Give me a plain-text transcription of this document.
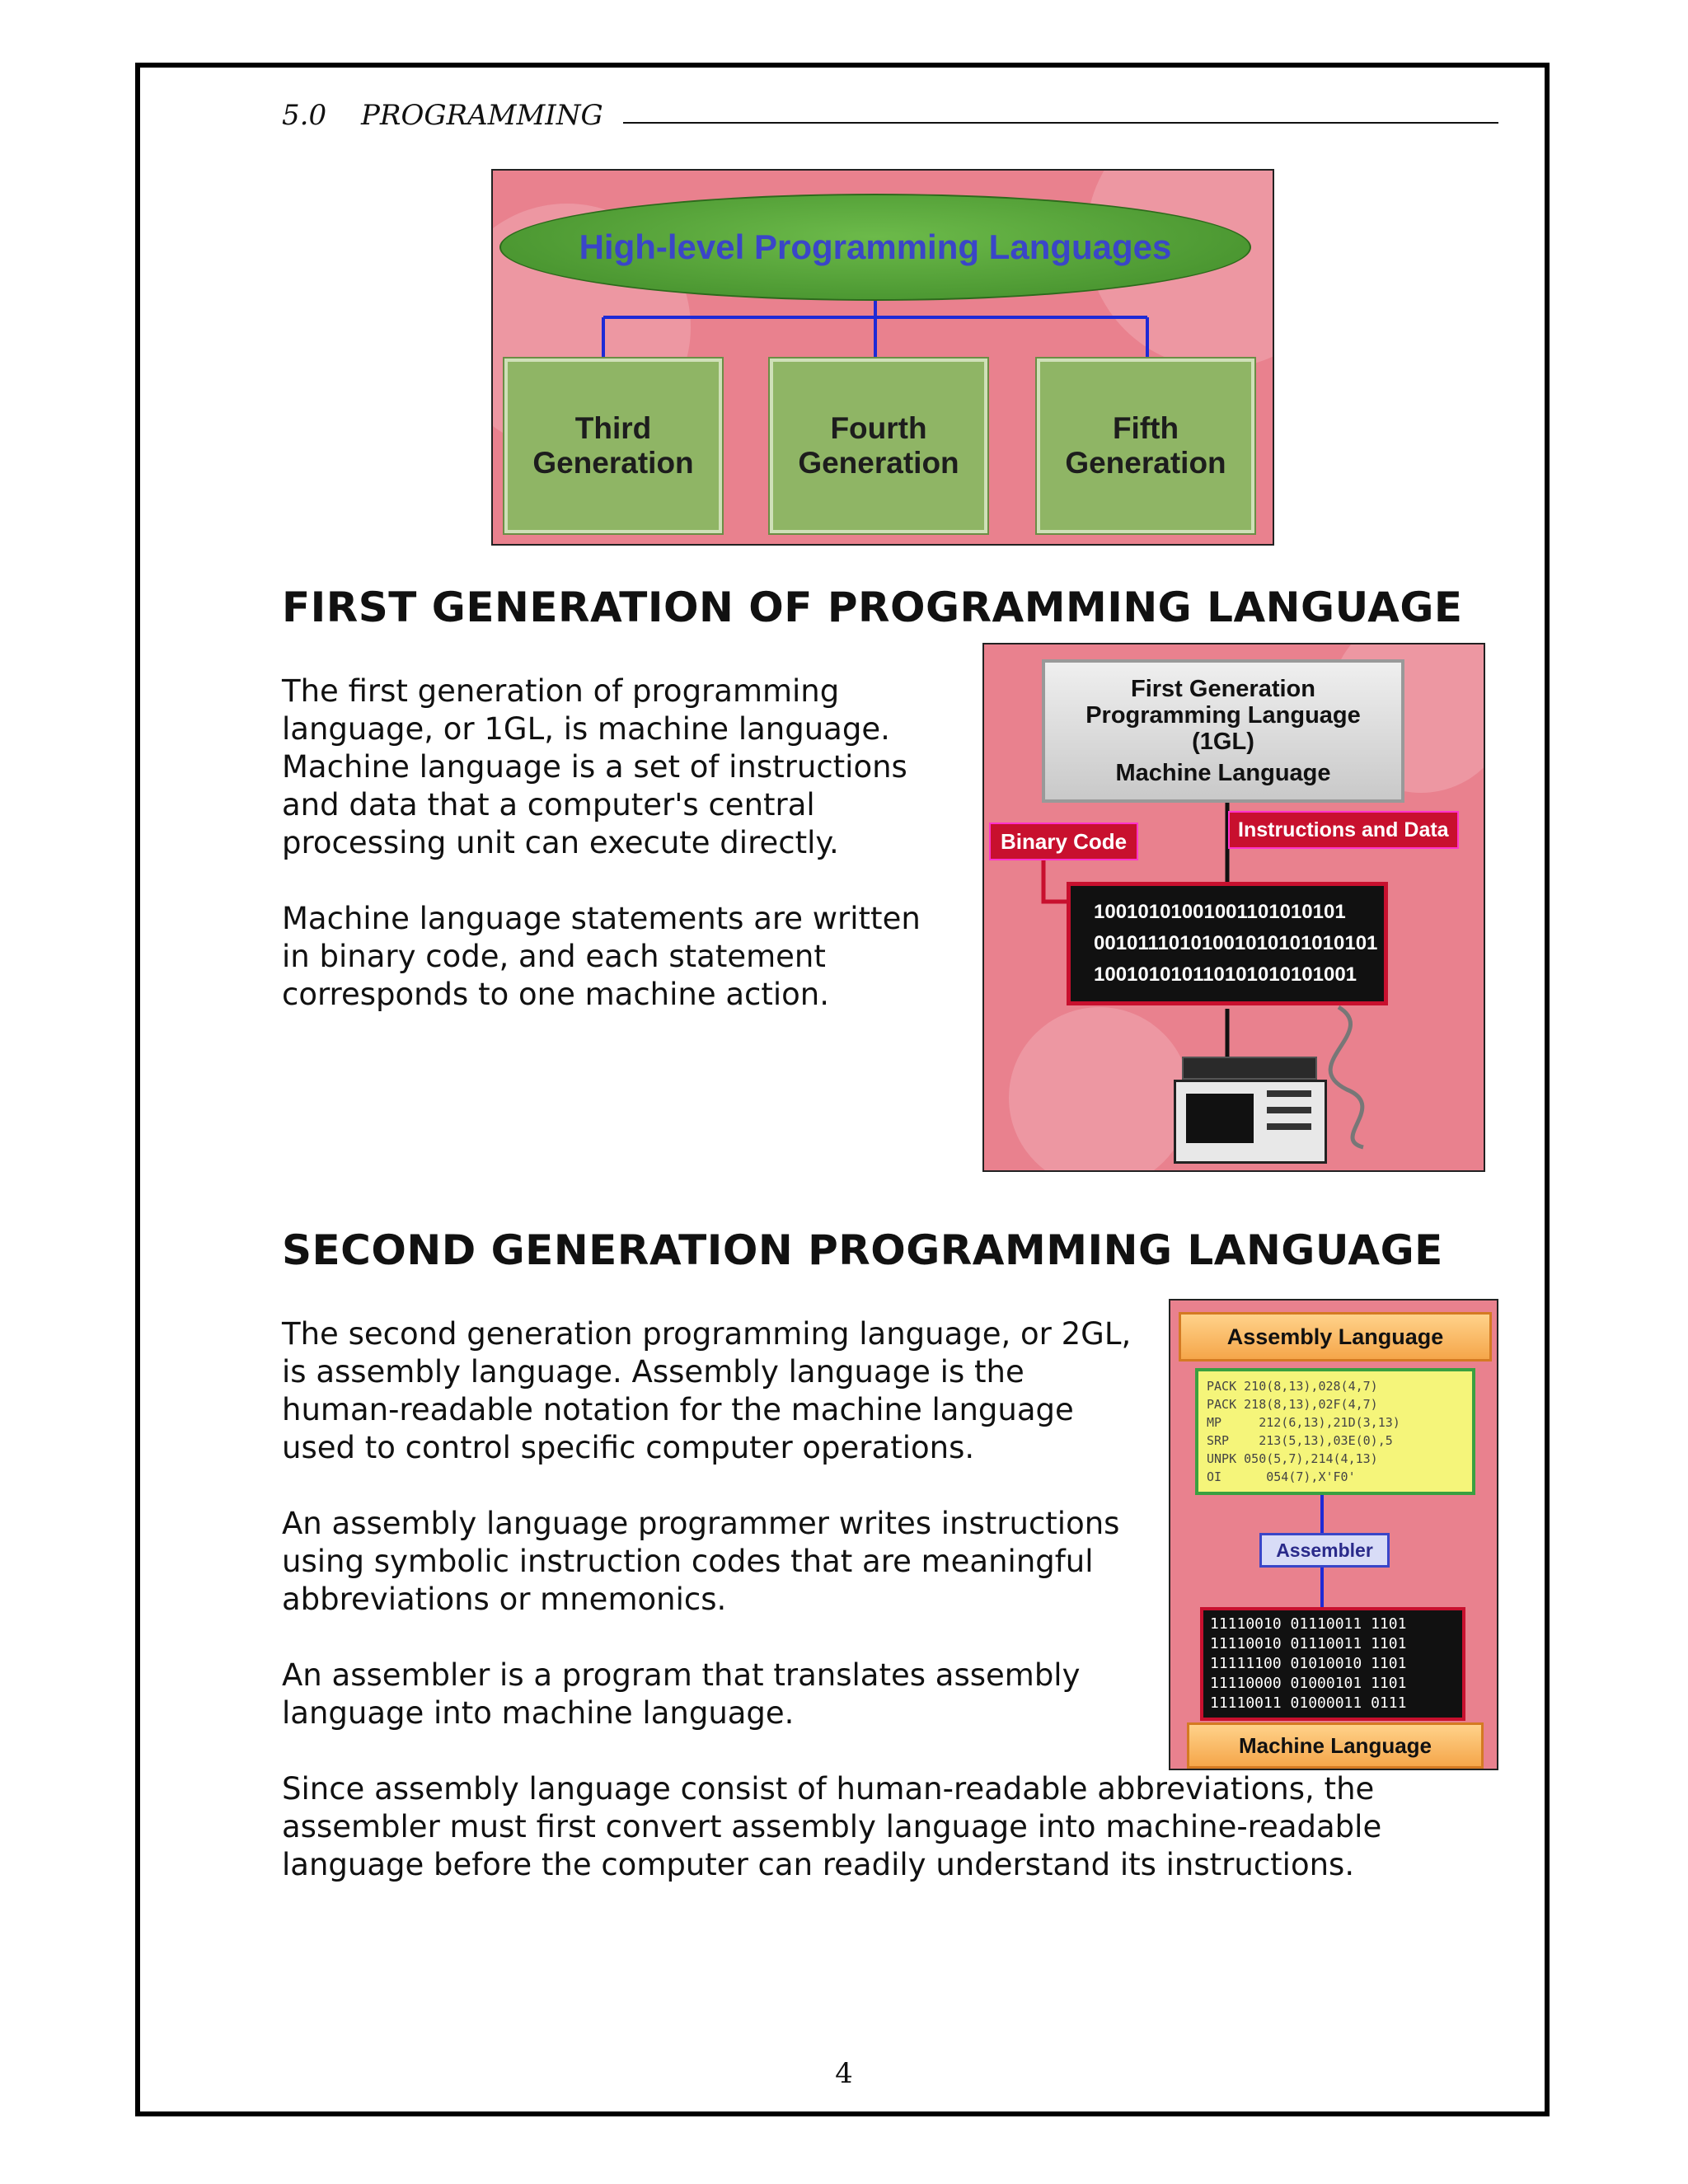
5.0	PROGRAMMING
High-level Programming Languages
Third Generation
Fourth Generation
Fifth Generation
FIRST GENERATION OF PROGRAMMING LANGUAGE

The first generation of programming language, or 1GL, is machine language. Machine language is a set of instructions and data that a computer's central processing unit can execute directly.

Machine language statements are written in binary code, and each statement corresponds to one machine action.

First Generation
Programming Language
(1GL)
Machine Language
Binary Code	Instructions and Data
10010101001001101010101
00101110101001010101010101
100101010110101010101001
SECOND GENERATION PROGRAMMING LANGUAGE

The second generation programming language, or 2GL, is assembly language. Assembly language is the human-readable notation for the machine language used to control specific computer operations.

An assembly language programmer writes instructions using symbolic instruction codes that are meaningful abbreviations or mnemonics.

An assembler is a program that translates assembly language into machine language.

Since assembly language consist of human-readable abbreviations, the assembler must first convert assembly language into machine-readable language before the computer can readily understand its instructions.

Assembly Language
PACK 210(8,13),028(4,7)
PACK 218(8,13),02F(4,7)
MP     212(6,13),21D(3,13)
SRP    213(5,13),03E(0),5
UNPK 050(5,7),214(4,13)
OI      054(7),X'F0'
Assembler
11110010 01110011 1101
11110010 01110011 1101
11111100 01010010 1101
11110000 01000101 1101
11110011 01000011 0111
Machine Language
4
